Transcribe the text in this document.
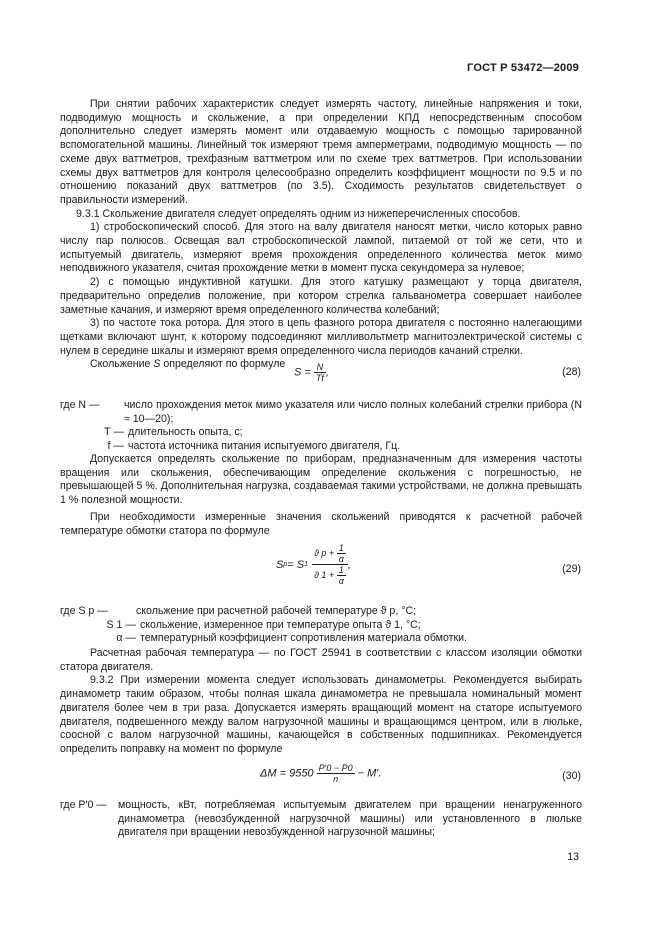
ГОСТ Р 53472—2009

При снятии рабочих характеристик следует измерять частоту, линейные напряжения и токи, подводимую мощность и скольжение, а при определении КПД непосредственным способом дополнительно следует измерять момент или отдаваемую мощность с помощью тарированной вспомогательной машины. Линейный ток измеряют тремя амперметрами, подводимую мощность — по схеме двух ваттметров, трехфазным ваттметром или по схеме трех ваттметров. При использовании схемы двух ваттметров для контроля целесообразно определить коэффициент мощности по 9.5 и по отношению показаний двух ваттметров (по 3.5). Сходимость результатов свидетельствует о правильности измерений.

9.3.1 Скольжение двигателя следует определять одним из нижеперечисленных способов.

1) стробоскопический способ. Для этого на валу двигателя наносят метки, число которых равно числу пар полюсов. Освещая вал стробоскопической лампой, питаемой от той же сети, что и испытуемый двигатель, измеряют время прохождения определенного количества меток мимо неподвижного указателя, считая прохождение метки в момент пуска секундомера за нулевое;

2) с помощью индуктивной катушки. Для этого катушку размещают у торца двигателя, предварительно определив положение, при котором стрелка гальванометра совершает наиболее заметные качания, и измеряют время определенного количества колебаний;

3) по частоте тока ротора. Для этого в цепь фазного ротора двигателя с постоянно налегающими щетками включают шунт, к которому подсоединяют милливольтметр магнитоэлектрической системы с нулем в середине шкалы и измеряют время определенного числа периодов качаний стрелки.

Скольжение S определяют по формуле

$S = \frac{N}{Tf}$ ,	(28)
где N —	число прохождения меток мимо указателя или число полных колебаний стрелки прибора (N ≈ 10—20);
T — длительность опыта, с;
f — частота источника питания испытуемого двигателя, Гц.

Допускается определять скольжение по приборам, предназначенным для измерения частоты вращения или скольжения, обеспечивающим определение скольжения с погрешностью, не превышающей 5 %. Дополнительная нагрузка, создаваемая такими устройствами, не должна превышать 1 % полезной мощности.

При необходимости измеренные значения скольжений приводятся к расчетной рабочей температуре обмотки статора по формуле

S р = S $1 \frac{ϑ р + \frac{1}{\alpha}}{ϑ 1 + \frac{1}{\alpha}}$ ,	(29)
где S р —	скольжение при расчетной рабочей температуре ϑ р, °С;
S 1 — скольжение, измеренное при температуре опыта ϑ 1, °С;
α — температурный коэффициент сопротивления материала обмотки.

Расчетная рабочая температура — по ГОСТ 25941 в соответствии с классом изоляции обмотки статора двигателя.

9.3.2 При измерении момента следует использовать динамометры. Рекомендуется выбирать динамометр таким образом, чтобы полная шкала динамометра не превышала номинальный момент двигателя более чем в три раза. Допускается измерять вращающий момент на статоре испытуемого двигателя, подвешенного между валом нагрузочной машины и вращающимся центром, или в люльке, соосной с валом нагрузочной машины, качающейся в собственных подшипниках. Рекомендуется определить поправку на момент по формуле

$\Delta M = 9550 \frac{P'0 - P0}{n} - M'$.	(30)
где P′0 —	мощность, кВт, потребляемая испытуемым двигателем при вращении ненагруженного динамометра (невозбужденной нагрузочной машины) или установленного в люльке двигателя при вращении невозбужденной нагрузочной машины;
13
